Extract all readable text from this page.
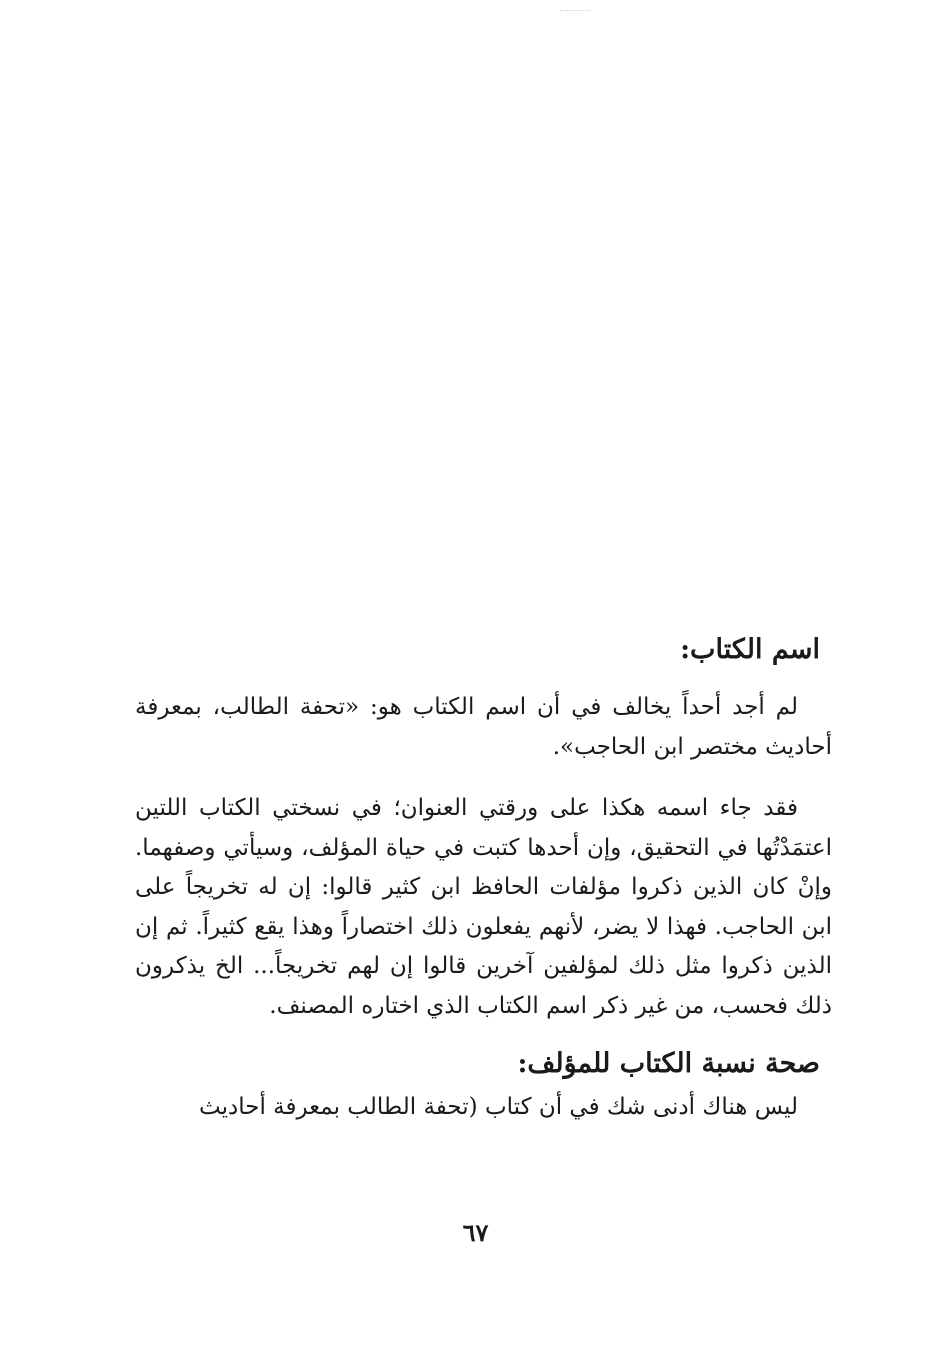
اسم الكتاب:

لم أجد أحداً يخالف في أن اسم الكتاب هو: «تحفة الطالب، بمعرفة أحاديث مختصر ابن الحاجب».

فقد جاء اسمه هكذا على ورقتي العنوان؛ في نسختي الكتاب اللتين اعتمَدْتُها في التحقيق، وإن أحدها كتبت في حياة المؤلف، وسيأتي وصفهما. وإنْ كان الذين ذكروا مؤلفات الحافظ ابن كثير قالوا: إن له تخريجاً على ابن الحاجب. فهذا لا يضر، لأنهم يفعلون ذلك اختصاراً وهذا يقع كثيراً. ثم إن الذين ذكروا مثل ذلك لمؤلفين آخرين قالوا إن لهم تخريجاً... الخ يذكرون ذلك فحسب، من غير ذكر اسم الكتاب الذي اختاره المصنف.

صحة نسبة الكتاب للمؤلف:

ليس هناك أدنى شك في أن كتاب (تحفة الطالب بمعرفة أحاديث

٦٧
